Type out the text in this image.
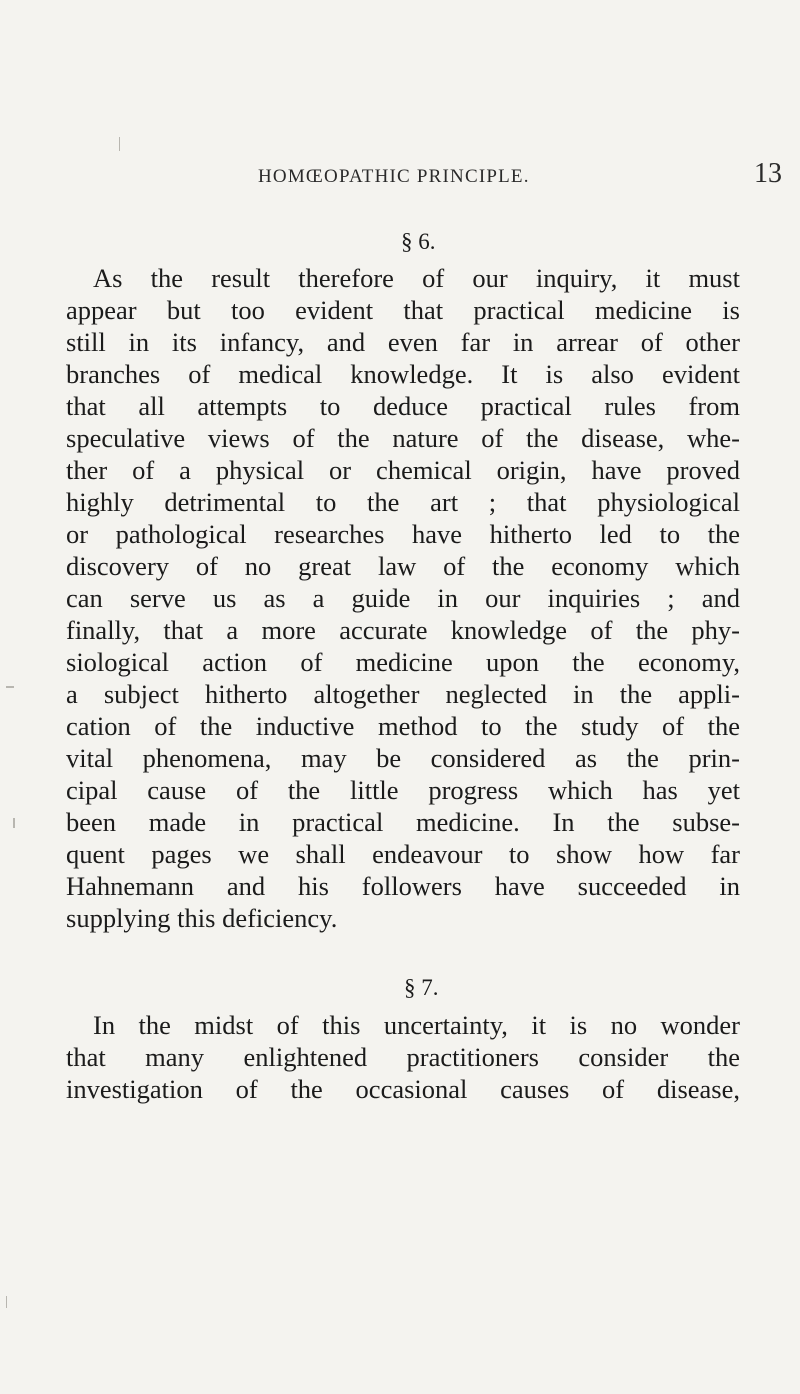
HOMŒOPATHIC PRINCIPLE.	13
§ 6.
As the result therefore of our inquiry, it must
appear but too evident that practical medicine is
still in its infancy, and even far in arrear of other
branches of medical knowledge. It is also evident
that all attempts to deduce practical rules from
speculative views of the nature of the disease, whe-
ther of a physical or chemical origin, have proved
highly detrimental to the art ; that physiological
or pathological researches have hitherto led to the
discovery of no great law of the economy which
can serve us as a guide in our inquiries ; and
finally, that a more accurate knowledge of the phy-
siological action of medicine upon the economy,
a subject hitherto altogether neglected in the appli-
cation of the inductive method to the study of the
vital phenomena, may be considered as the prin-
cipal cause of the little progress which has yet
been made in practical medicine. In the subse-
quent pages we shall endeavour to show how far
Hahnemann and his followers have succeeded in
supplying this deficiency.
§ 7.
In the midst of this uncertainty, it is no wonder
that many enlightened practitioners consider the
investigation of the occasional causes of disease,
